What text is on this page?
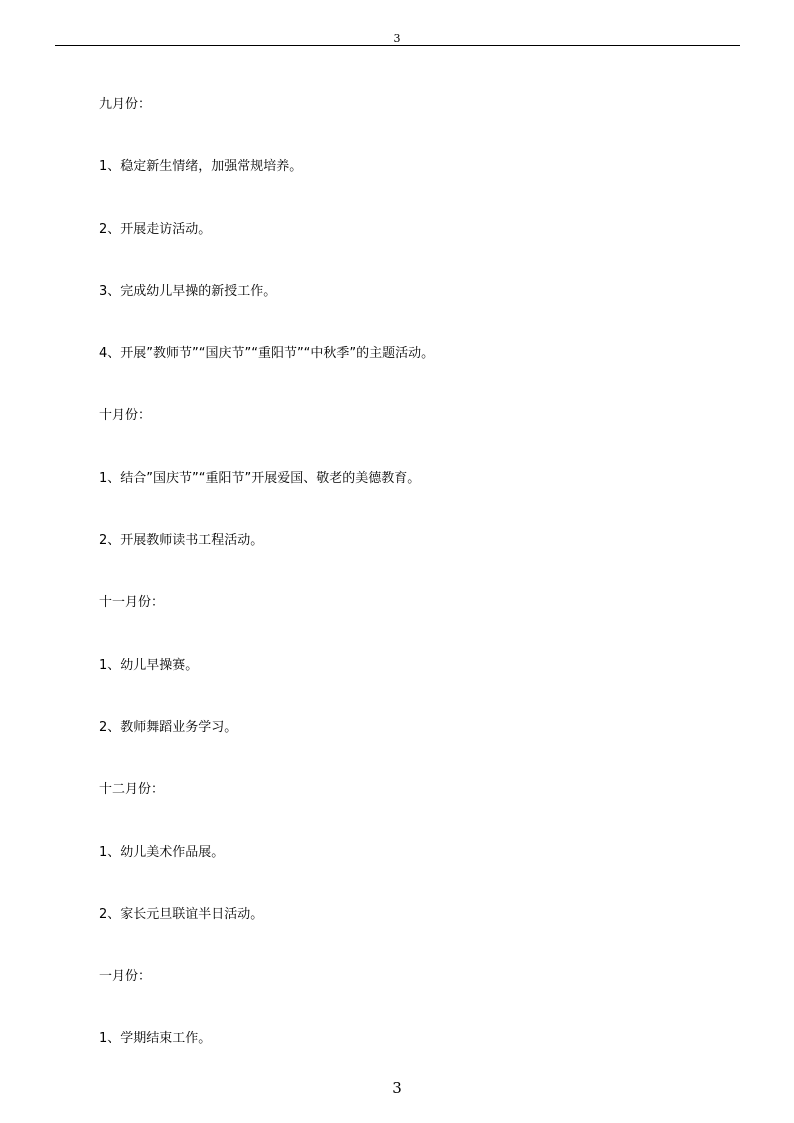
3
九月份：
1、稳定新生情绪，加强常规培养。
2、开展走访活动。
3、完成幼儿早操的新授工作。
4、开展”教师节”“国庆节”“重阳节”“中秋季”的主题活动。
十月份：
1、结合”国庆节”“重阳节”开展爱国、敬老的美德教育。
2、开展教师读书工程活动。
十一月份：
1、幼儿早操赛。
2、教师舞蹈业务学习。
十二月份：
1、幼儿美术作品展。
2、家长元旦联谊半日活动。
一月份：
1、学期结束工作。
3
